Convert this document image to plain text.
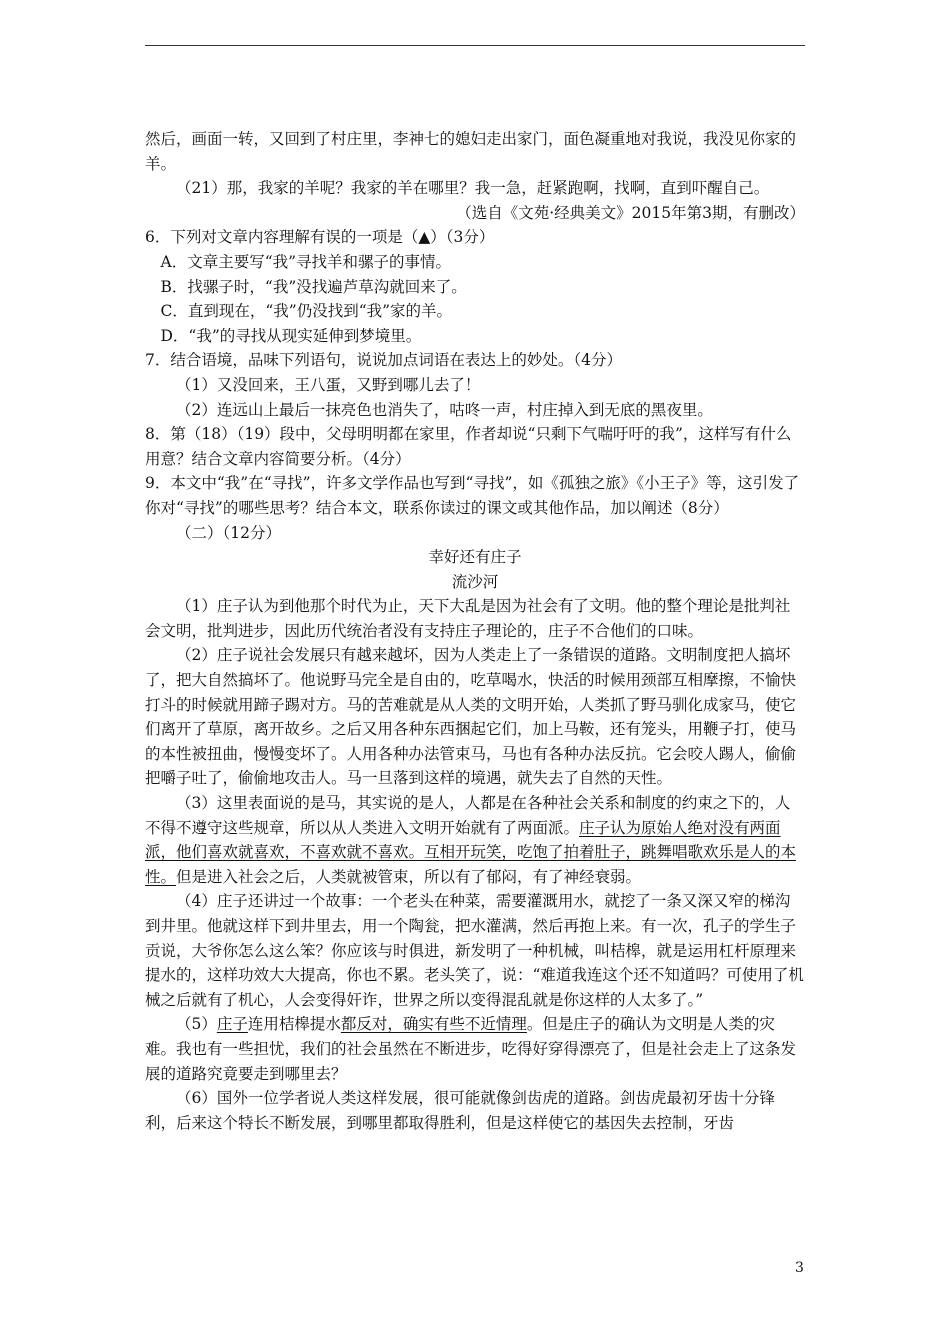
然后，画面一转，又回到了村庄里，李神七的媳妇走出家门，面色凝重地对我说，我没见你家的羊。

（21）那，我家的羊呢？我家的羊在哪里？我一急，赶紧跑啊，找啊，直到吓醒自己。

（选自《文苑·经典美文》2015年第3期，有删改）

6．下列对文章内容理解有误的一项是（▲）（3分）

A．文章主要写“我”寻找羊和骡子的事情。

B．找骡子时，“我”没找遍芦草沟就回来了。

C．直到现在，“我”仍没找到“我”家的羊。

D．“我”的寻找从现实延伸到梦境里。

7．结合语境，品味下列语句，说说加点词语在表达上的妙处。（4分）

（1）又没回来，王八蛋，又野到哪儿去了！

（2）连远山上最后一抹亮色也消失了，咕咚一声，村庄掉入到无底的黑夜里。

8．第（18）（19）段中，父母明明都在家里，作者却说“只剩下气喘吁吁的我”，这样写有什么用意？结合文章内容简要分析。（4分）

9．本文中“我”在“寻找”，许多文学作品也写到“寻找”，如《孤独之旅》《小王子》等，这引发了你对“寻找”的哪些思考？结合本文，联系你读过的课文或其他作品，加以阐述（8分）

（二）（12分）

幸好还有庄子

流沙河

（1）庄子认为到他那个时代为止，天下大乱是因为社会有了文明。他的整个理论是批判社会文明，批判进步，因此历代统治者没有支持庄子理论的，庄子不合他们的口味。

（2）庄子说社会发展只有越来越坏，因为人类走上了一条错误的道路。文明制度把人搞坏了，把大自然搞坏了。他说野马完全是自由的，吃草喝水，快活的时候用颈部互相摩擦，不愉快打斗的时候就用蹄子踢对方。马的苦难就是从人类的文明开始，人类抓了野马驯化成家马，使它们离开了草原，离开故乡。之后又用各种东西捆起它们，加上马鞍，还有笼头，用鞭子打，使马的本性被扭曲，慢慢变坏了。人用各种办法管束马，马也有各种办法反抗。它会咬人踢人，偷偷把嚼子吐了，偷偷地攻击人。马一旦落到这样的境遇，就失去了自然的天性。

（3）这里表面说的是马，其实说的是人，人都是在各种社会关系和制度的约束之下的，人不得不遵守这些规章，所以从人类进入文明开始就有了两面派。庄子认为原始人绝对没有两面派，他们喜欢就喜欢，不喜欢就不喜欢。互相开玩笑，吃饱了拍着肚子，跳舞唱歌欢乐是人的本性。但是进入社会之后，人类就被管束，所以有了郁闷，有了神经衰弱。

（4）庄子还讲过一个故事：一个老头在种菜，需要灌溉用水，就挖了一条又深又窄的梯沟到井里。他就这样下到井里去，用一个陶瓮，把水灌满，然后再抱上来。有一次，孔子的学生子贡说，大爷你怎么这么笨？你应该与时俱进，新发明了一种机械，叫桔槔，就是运用杠杆原理来提水的，这样功效大大提高，你也不累。老头笑了，说：“难道我连这个还不知道吗？可使用了机械之后就有了机心，人会变得奸诈，世界之所以变得混乱就是你这样的人太多了。”

（5）庄子连用桔槔提水都反对，确实有些不近情理。但是庄子的确认为文明是人类的灾难。我也有一些担忧，我们的社会虽然在不断进步，吃得好穿得漂亮了，但是社会走上了这条发展的道路究竟要走到哪里去？

（6）国外一位学者说人类这样发展，很可能就像剑齿虎的道路。剑齿虎最初牙齿十分锋利，后来这个特长不断发展，到哪里都取得胜利，但是这样使它的基因失去控制，牙齿

3
